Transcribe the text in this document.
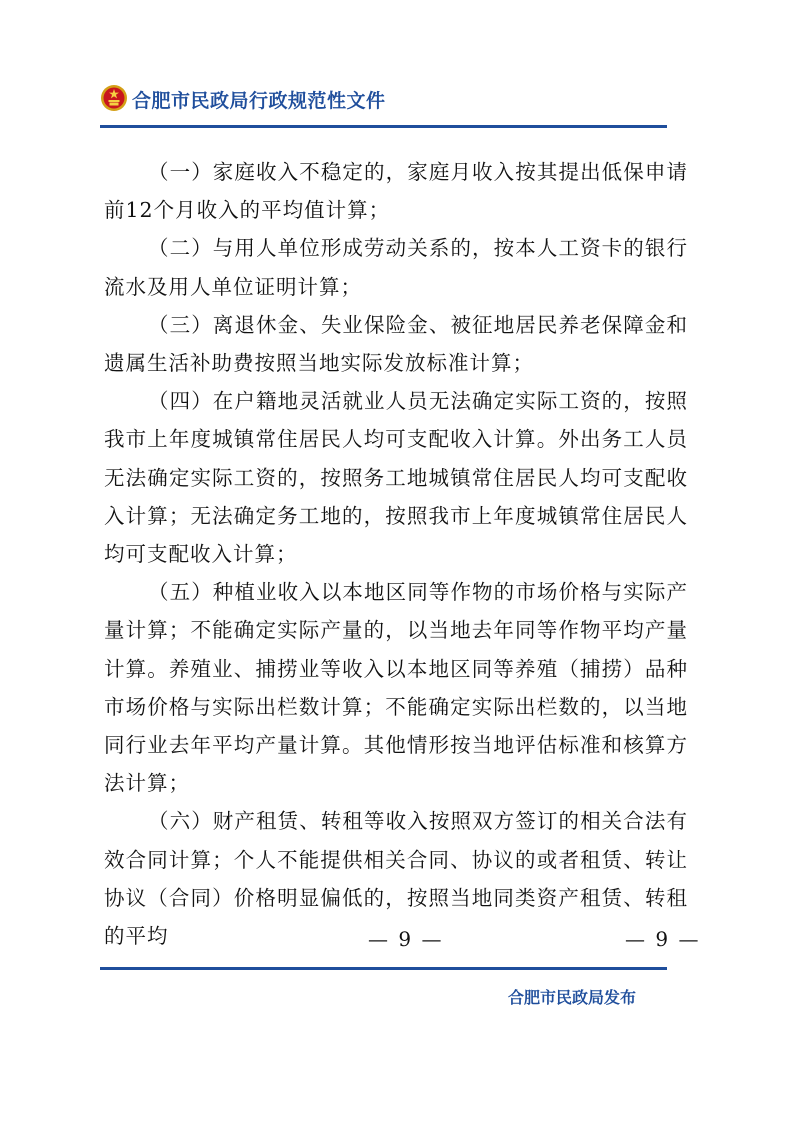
合肥市民政局行政规范性文件

（一）家庭收入不稳定的，家庭月收入按其提出低保申请前12个月收入的平均值计算；

（二）与用人单位形成劳动关系的，按本人工资卡的银行流水及用人单位证明计算；

（三）离退休金、失业保险金、被征地居民养老保障金和遗属生活补助费按照当地实际发放标准计算；

（四）在户籍地灵活就业人员无法确定实际工资的，按照我市上年度城镇常住居民人均可支配收入计算。外出务工人员无法确定实际工资的，按照务工地城镇常住居民人均可支配收入计算；无法确定务工地的，按照我市上年度城镇常住居民人均可支配收入计算；

（五）种植业收入以本地区同等作物的市场价格与实际产量计算；不能确定实际产量的，以当地去年同等作物平均产量计算。养殖业、捕捞业等收入以本地区同等养殖（捕捞）品种市场价格与实际出栏数计算；不能确定实际出栏数的，以当地同行业去年平均产量计算。其他情形按当地评估标准和核算方法计算；

（六）财产租赁、转租等收入按照双方签订的相关合法有效合同计算；个人不能提供相关合同、协议的或者租赁、转让协议（合同）价格明显偏低的，按照当地同类资产租赁、转租的平均	— 9 —	— 9 —
合肥市民政局发布
